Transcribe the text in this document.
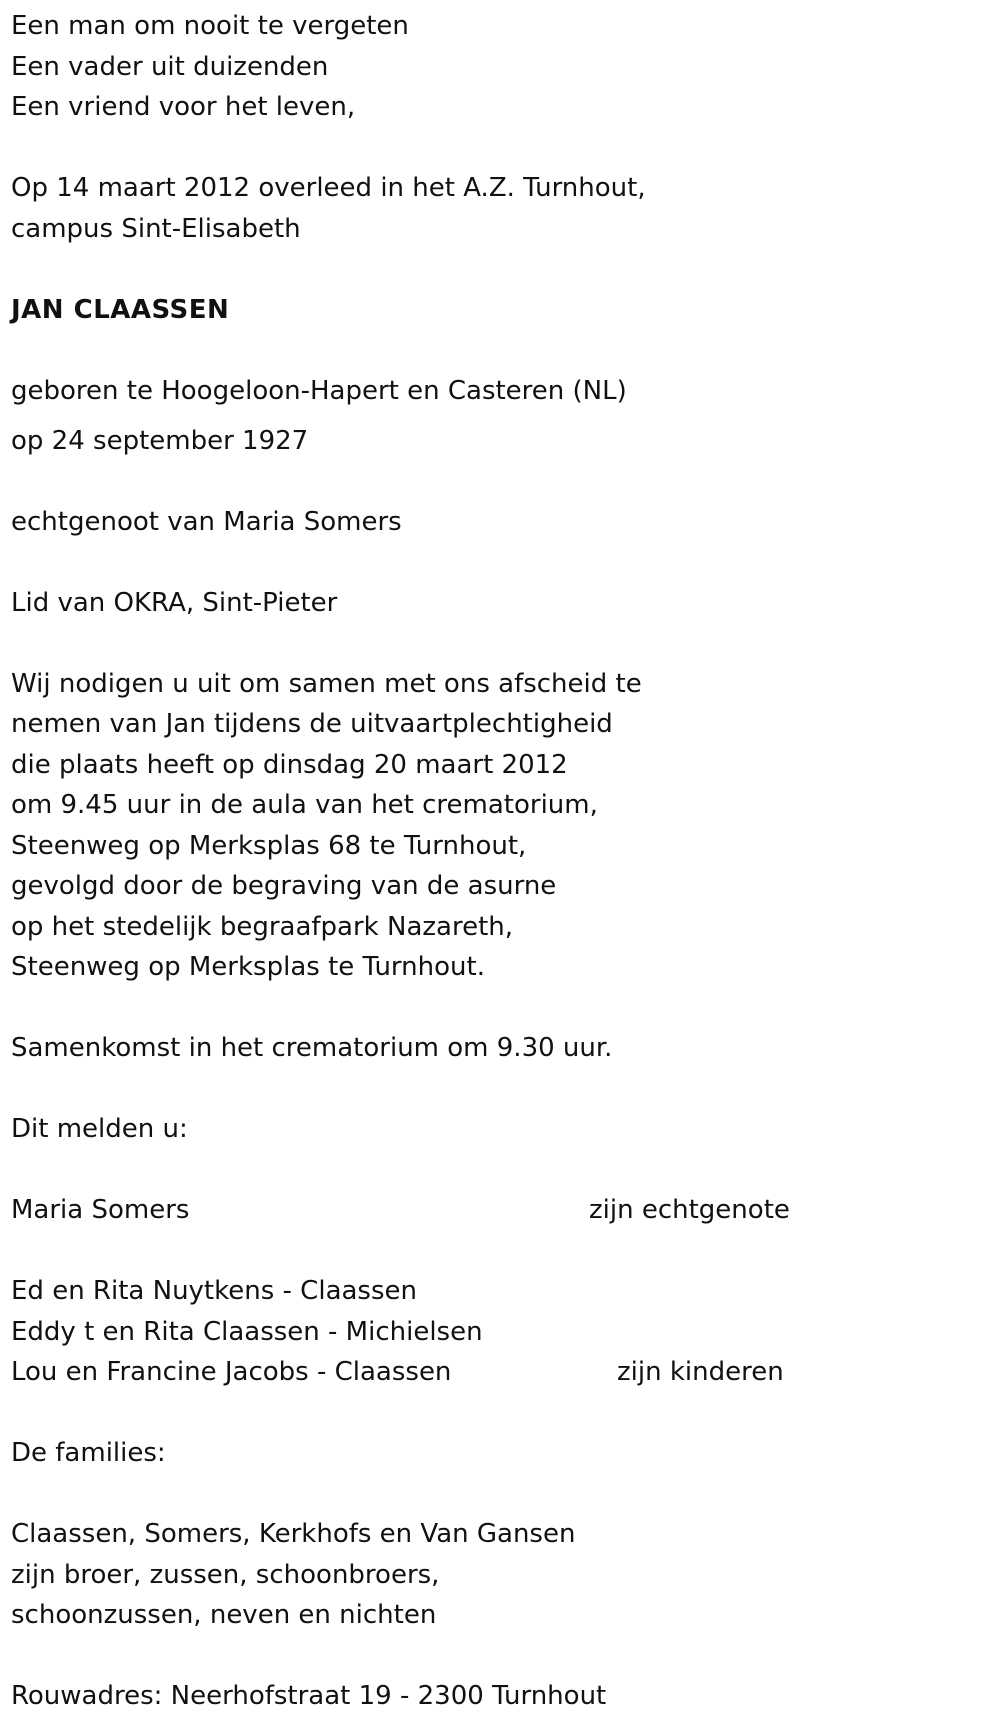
Een man om nooit te vergeten
Een vader uit duizenden
Een vriend voor het leven,
Op 14 maart 2012 overleed in het A.Z. Turnhout,
campus Sint-Elisabeth
JAN CLAASSEN
geboren te Hoogeloon-Hapert en Casteren (NL)
op 24 september 1927
echtgenoot van Maria Somers
Lid van OKRA, Sint-Pieter
Wij nodigen u uit om samen met ons afscheid te
nemen van Jan tijdens de uitvaartplechtigheid
die plaats heeft op dinsdag 20 maart 2012
om 9.45 uur in de aula van het crematorium,
Steenweg op Merksplas 68 te Turnhout,
gevolgd door de begraving van de asurne
op het stedelijk begraafpark Nazareth,
Steenweg op Merksplas te Turnhout.
Samenkomst in het crematorium om 9.30 uur.
Dit melden u:
Maria Somers	zijn echtgenote
Ed en Rita Nuytkens - Claassen
Eddy t en Rita Claassen - Michielsen
Lou en Francine Jacobs - Claassen	zijn kinderen
De families:
Claassen, Somers, Kerkhofs en Van Gansen
zijn broer, zussen, schoonbroers,
schoonzussen, neven en nichten
Rouwadres: Neerhofstraat 19 - 2300 Turnhout
